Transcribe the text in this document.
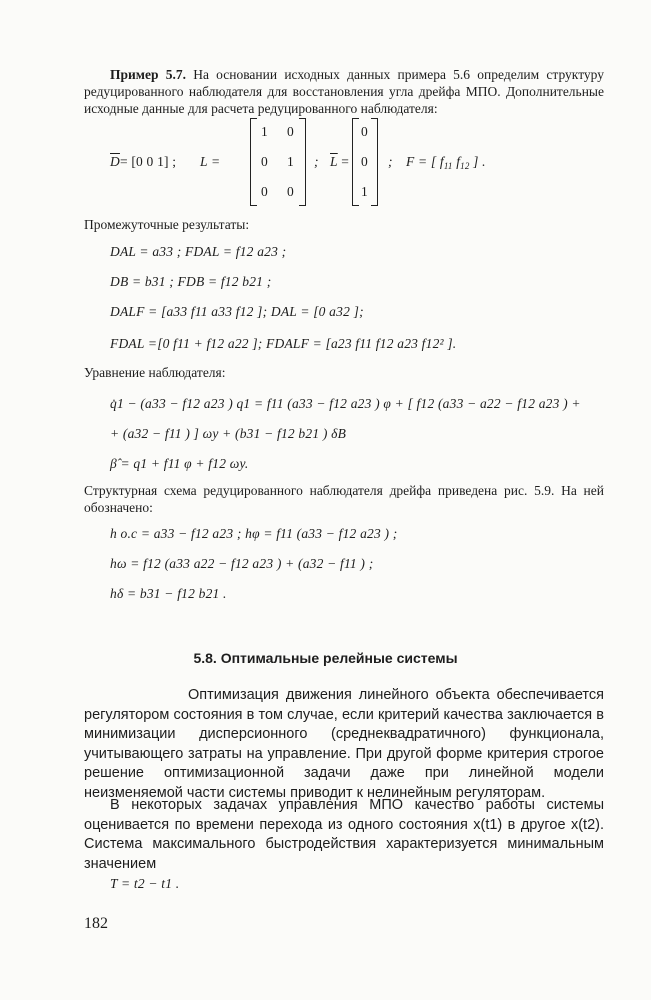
Пример 5.7. На основании исходных данных примера 5.6 определим структуру редуцированного наблюдателя для восстановления угла дрейфа МПО. Дополнительные исходные данные для расчета редуцированного наблюдателя:
$\overline{D}= [0$ 0 1] ; L =
1 0
0 1
0 0
; $\overline{L}$ =
0
0
1
; F = [ $f_{11}$ $f_{12}$ ] .
Промежуточные результаты:
DAL = a33 ; FDAL = f12 a23 ;
DB = b31 ; FDB = f12 b21 ;
DALF = [a33 f11 a33 f12 ]; DAL = [0 a32 ];
FDAL =[0 f11 + f12 a22 ]; FDALF = [a23 f11 f12 a23 f12² ].
Уравнение наблюдателя:
q̇1 − (a33 − f12 a23 ) q1 = f11 (a33 − f12 a23 ) φ + [ f12 (a33 − a22 − f12 a23 ) +
+ (a32 − f11 ) ] ωy + (b31 − f12 b21 ) δB
β̂ = q1 + f11 φ + f12 ωy.
Структурная схема редуцированного наблюдателя дрейфа приведена рис. 5.9. На ней обозначено:
h o.c = a33 − f12 a23 ; hφ = f11 (a33 − f12 a23 ) ;
hω = f12 (a33 a22 − f12 a23 ) + (a32 − f11 ) ;
hδ = b31 − f12 b21 .
5.8. Оптимальные релейные системы
Оптимизация движения линейного объекта обеспечивается регулятором состояния в том случае, если критерий качества заключается в минимизации дисперсионного (среднеквадратичного) функционала, учитывающего затраты на управление. При другой форме критерия строгое решение оптимизационной задачи даже при линейной модели неизменяемой части системы приводит к нелинейным регуляторам.
В некоторых задачах управления МПО качество работы системы оценивается по времени перехода из одного состояния x(t1) в другое x(t2). Система максимального быстродействия характеризуется минимальным значением
T = t2 − t1 .
182
